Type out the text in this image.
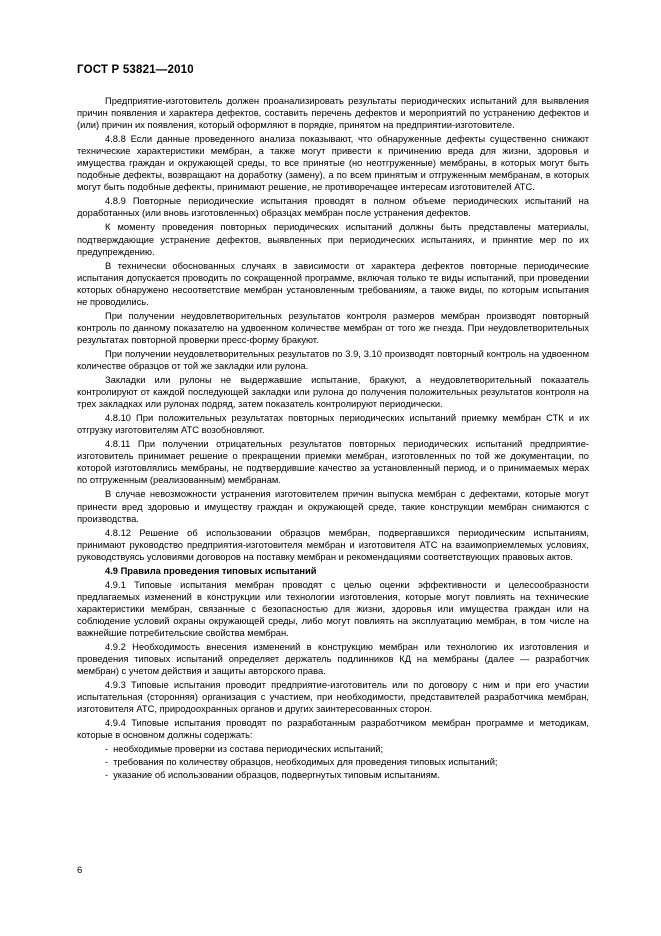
ГОСТ Р 53821—2010

Предприятие-изготовитель должен проанализировать результаты периодических испытаний для выявления причин появления и характера дефектов, составить перечень дефектов и мероприятий по устранению дефектов и (или) причин их появления, который оформляют в порядке, принятом на предприятии-изготовителе.

4.8.8 Если данные проведенного анализа показывают, что обнаруженные дефекты существенно снижают технические характеристики мембран, а также могут привести к причинению вреда для жизни, здоровья и имущества граждан и окружающей среды, то все принятые (но неотгруженные) мембраны, в которых могут быть подобные дефекты, возвращают на доработку (замену), а по всем принятым и отгруженным мембранам, в которых могут быть подобные дефекты, принимают решение, не противоречащее интересам изготовителей АТС.

4.8.9 Повторные периодические испытания проводят в полном объеме периодических испытаний на доработанных (или вновь изготовленных) образцах мембран после устранения дефектов.

К моменту проведения повторных периодических испытаний должны быть представлены материалы, подтверждающие устранение дефектов, выявленных при периодических испытаниях, и принятие мер по их предупреждению.

В технически обоснованных случаях в зависимости от характера дефектов повторные периодические испытания допускается проводить по сокращенной программе, включая только те виды испытаний, при проведении которых обнаружено несоответствие мембран установленным требованиям, а также виды, по которым испытания не проводились.

При получении неудовлетворительных результатов контроля размеров мембран производят повторный контроль по данному показателю на удвоенном количестве мембран от того же гнезда. При неудовлетворительных результатах повторной проверки пресс-форму бракуют.

При получении неудовлетворительных результатов по 3.9, 3.10 производят повторный контроль на удвоенном количестве образцов от той же закладки или рулона.

Закладки или рулоны не выдержавшие испытание, бракуют, а неудовлетворительный показатель контролируют от каждой последующей закладки или рулона до получения положительных результатов контроля на трех закладках или рулонах подряд, затем показатель контролируют периодически.

4.8.10 При положительных результатах повторных периодических испытаний приемку мембран СТК и их отгрузку изготовителям АТС возобновляют.

4.8.11 При получении отрицательных результатов повторных периодических испытаний предприятие-изготовитель принимает решение о прекращении приемки мембран, изготовленных по той же документации, по которой изготовлялись мембраны, не подтвердившие качество за установленный период, и о принимаемых мерах по отгруженным (реализованным) мембранам.

В случае невозможности устранения изготовителем причин выпуска мембран с дефектами, которые могут принести вред здоровью и имуществу граждан и окружающей среде, такие конструкции мембран снимаются с производства.

4.8.12 Решение об использовании образцов мембран, подвергавшихся периодическим испытаниям, принимают руководство предприятия-изготовителя мембран и изготовителя АТС на взаимоприемлемых условиях, руководствуясь условиями договоров на поставку мембран и рекомендациями соответствующих правовых актов.

4.9 Правила проведения типовых испытаний

4.9.1 Типовые испытания мембран проводят с целью оценки эффективности и целесообразности предлагаемых изменений в конструкции или технологии изготовления, которые могут повлиять на технические характеристики мембран, связанные с безопасностью для жизни, здоровья или имущества граждан или на соблюдение условий охраны окружающей среды, либо могут повлиять на эксплуатацию мембран, в том числе на важнейшие потребительские свойства мембран.

4.9.2 Необходимость внесения изменений в конструкцию мембран или технологию их изготовления и проведения типовых испытаний определяет держатель подлинников КД на мембраны (далее — разработчик мембран) с учетом действия и защиты авторского права.

4.9.3 Типовые испытания проводит предприятие-изготовитель или по договору с ним и при его участии испытательная (сторонняя) организация с участием, при необходимости, представителей разработчика мембран, изготовителя АТС, природоохранных органов и других заинтересованных сторон.

4.9.4 Типовые испытания проводят по разработанным разработчиком мембран программе и методикам, которые в основном должны содержать:

- необходимые проверки из состава периодических испытаний;
- требования по количеству образцов, необходимых для проведения типовых испытаний;
- указание об использовании образцов, подвергнутых типовым испытаниям.
6
